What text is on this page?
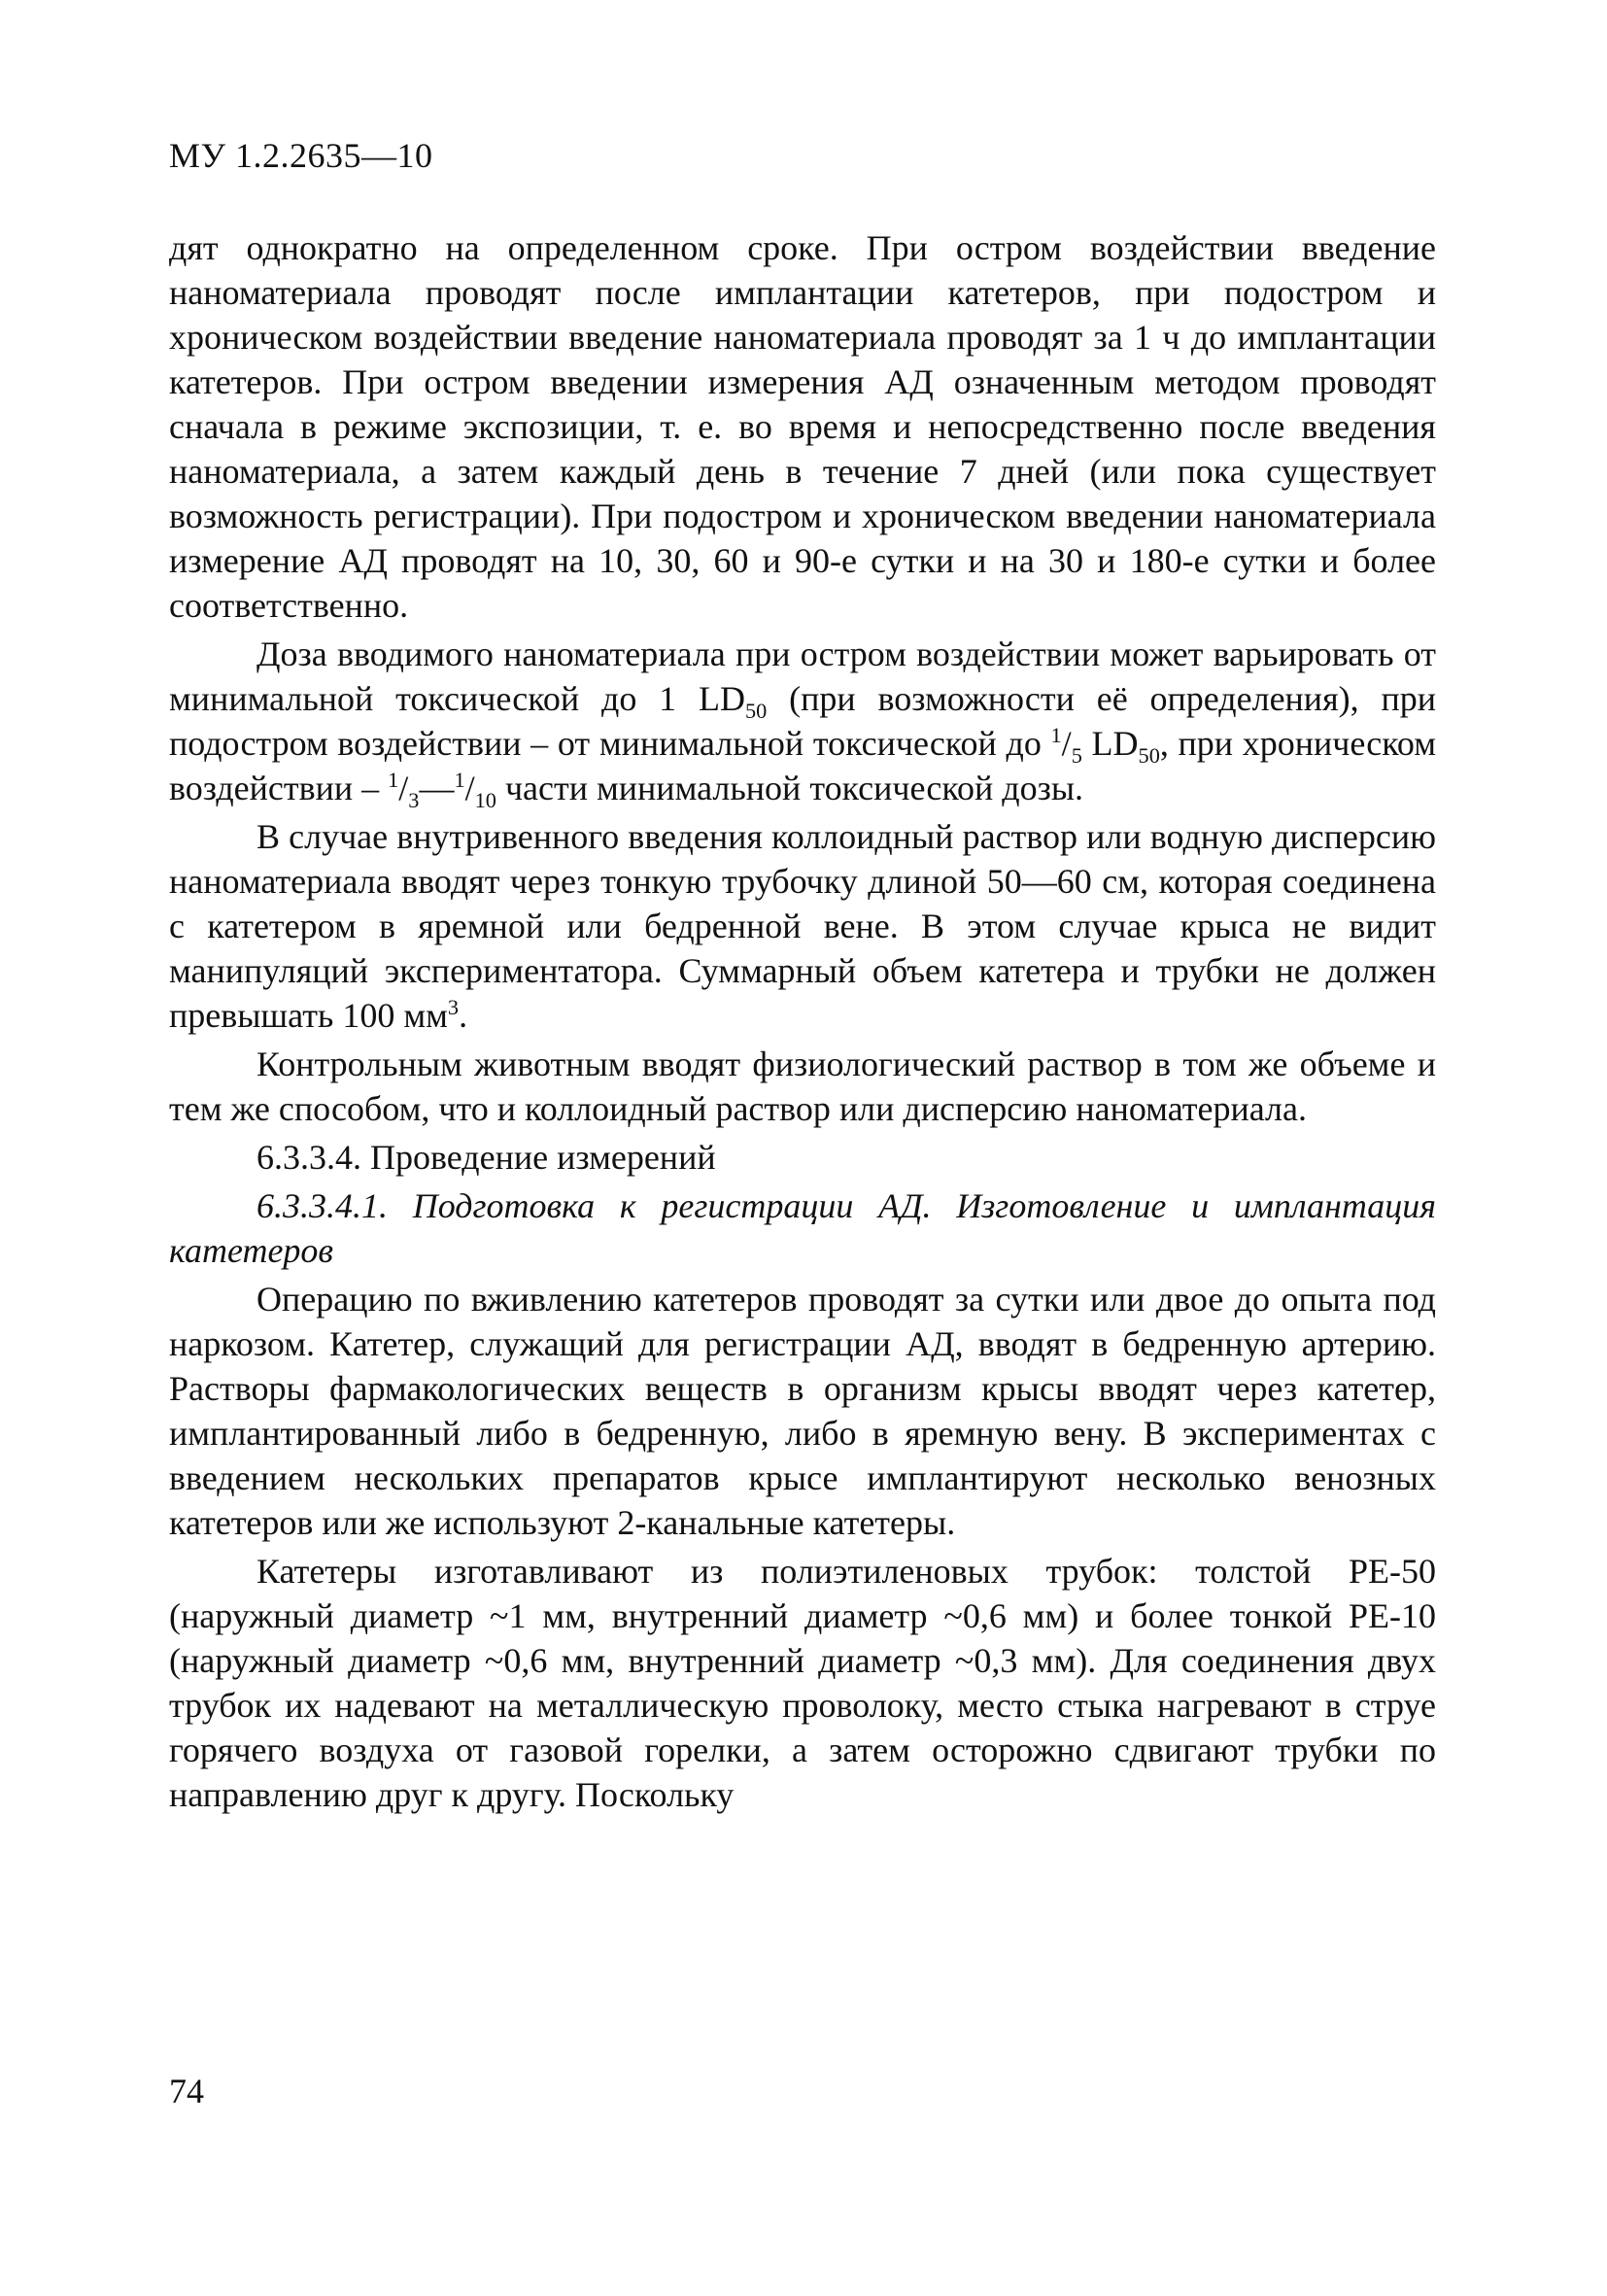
МУ 1.2.2635—10

дят однократно на определенном сроке. При остром воздействии введение наноматериала проводят после имплантации катетеров, при подостром и хроническом воздействии введение наноматериала проводят за 1 ч до имплантации катетеров. При остром введении измерения АД означенным методом проводят сначала в режиме экспозиции, т. е. во время и непосредственно после введения наноматериала, а затем каждый день в течение 7 дней (или пока существует возможность регистрации). При подостром и хроническом введении наноматериала измерение АД проводят на 10, 30, 60 и 90-е сутки и на 30 и 180-е сутки и более соответственно.

Доза вводимого наноматериала при остром воздействии может варьировать от минимальной токсической до 1 $LD_{50}$ (при возможности её определения), при подостром воздействии – от минимальной токсической до $^1/_5$ $LD_{50}$, при хроническом воздействии – $^1/_3—^1/_{10}$ части минимальной токсической дозы.

В случае внутривенного введения коллоидный раствор или водную дисперсию наноматериала вводят через тонкую трубочку длиной 50—60 см, которая соединена с катетером в яремной или бедренной вене. В этом случае крыса не видит манипуляций экспериментатора. Суммарный объем катетера и трубки не должен превышать 100 $мм^3$.

Контрольным животным вводят физиологический раствор в том же объеме и тем же способом, что и коллоидный раствор или дисперсию наноматериала.

6.3.3.4. Проведение измерений

6.3.3.4.1. Подготовка к регистрации АД. Изготовление и имплантация катетеров

Операцию по вживлению катетеров проводят за сутки или двое до опыта под наркозом. Катетер, служащий для регистрации АД, вводят в бедренную артерию. Растворы фармакологических веществ в организм крысы вводят через катетер, имплантированный либо в бедренную, либо в яремную вену. В экспериментах с введением нескольких препаратов крысе имплантируют несколько венозных катетеров или же используют 2-канальные катетеры.

Катетеры изготавливают из полиэтиленовых трубок: толстой РЕ-50 (наружный диаметр ~1 мм, внутренний диаметр ~0,6 мм) и более тонкой РЕ-10 (наружный диаметр ~0,6 мм, внутренний диаметр ~0,3 мм). Для соединения двух трубок их надевают на металлическую проволоку, место стыка нагревают в струе горячего воздуха от газовой горелки, а затем осторожно сдвигают трубки по направлению друг к другу. Поскольку

74
